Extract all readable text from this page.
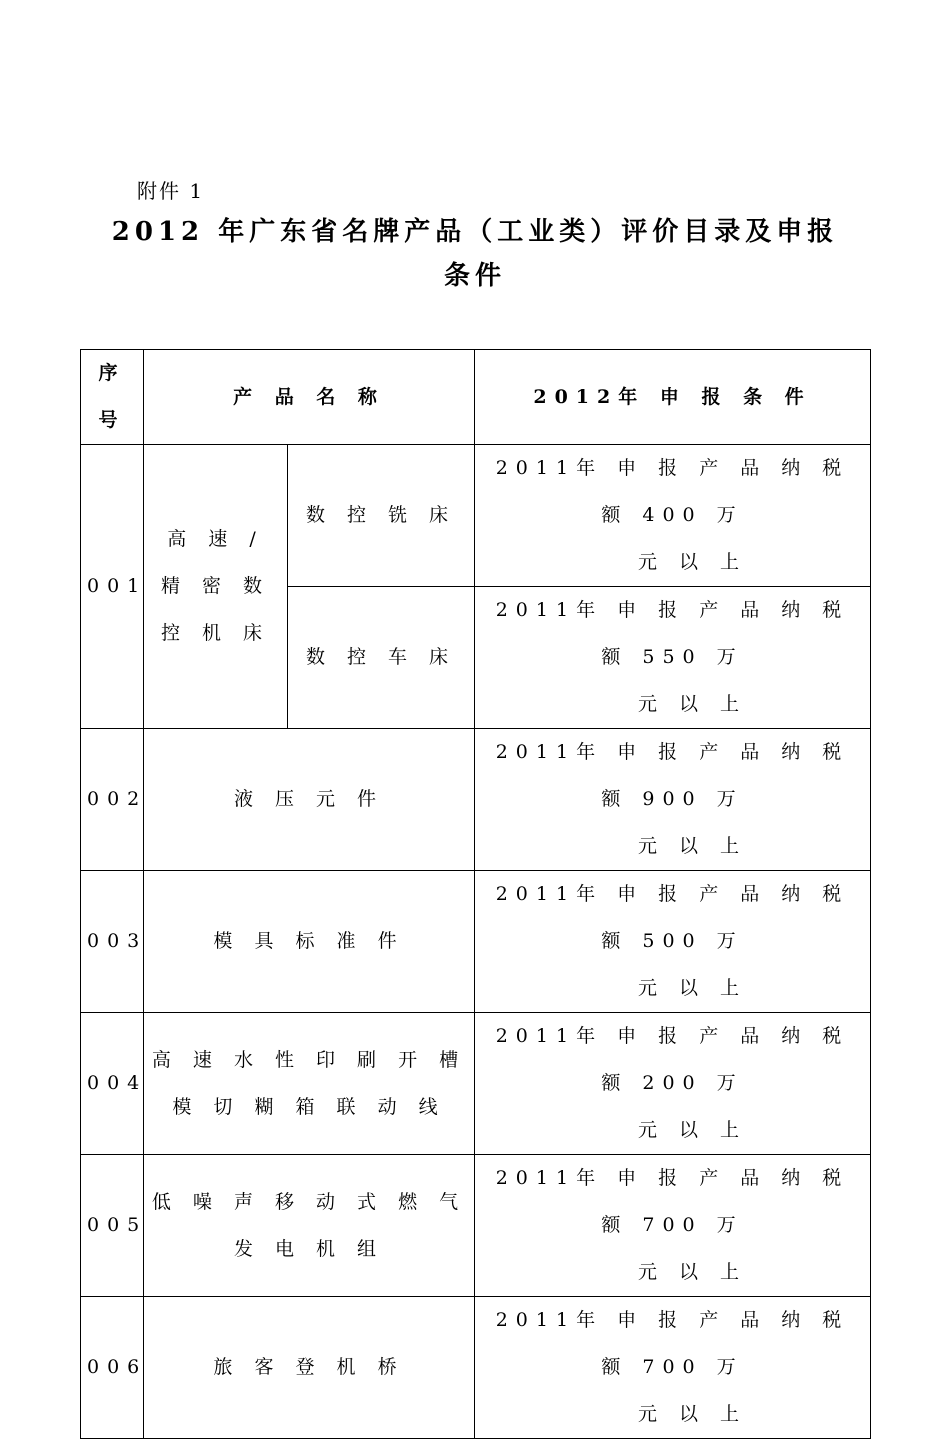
附件 1
2012 年广东省名牌产品（工业类）评价目录及申报
条件
序
号	产 品 名 称		2012年 申 报 条 件
001	高 速 / 精 密 数 控 机 床	数 控 铣 床	2011年 申 报 产 品 纳 税 额 400 万
元 以 上

		数 控 车 床	2011年 申 报 产 品 纳 税 额 550 万
元 以 上

002	液 压 元 件		2011年 申 报 产 品 纳 税 额 900 万
元 以 上

003	模 具 标 准 件		2011年 申 报 产 品 纳 税 额 500 万
元 以 上

004	高 速 水 性 印 刷 开 槽 模 切 糊 箱 联 动 线		2011年 申 报 产 品 纳 税 额 200 万
元 以 上

005	低 噪 声 移 动 式 燃 气 发 电 机 组		2011年 申 报 产 品 纳 税 额 700 万
元 以 上

006	旅 客 登 机 桥		2011年 申 报 产 品 纳 税 额 700 万
元 以 上
